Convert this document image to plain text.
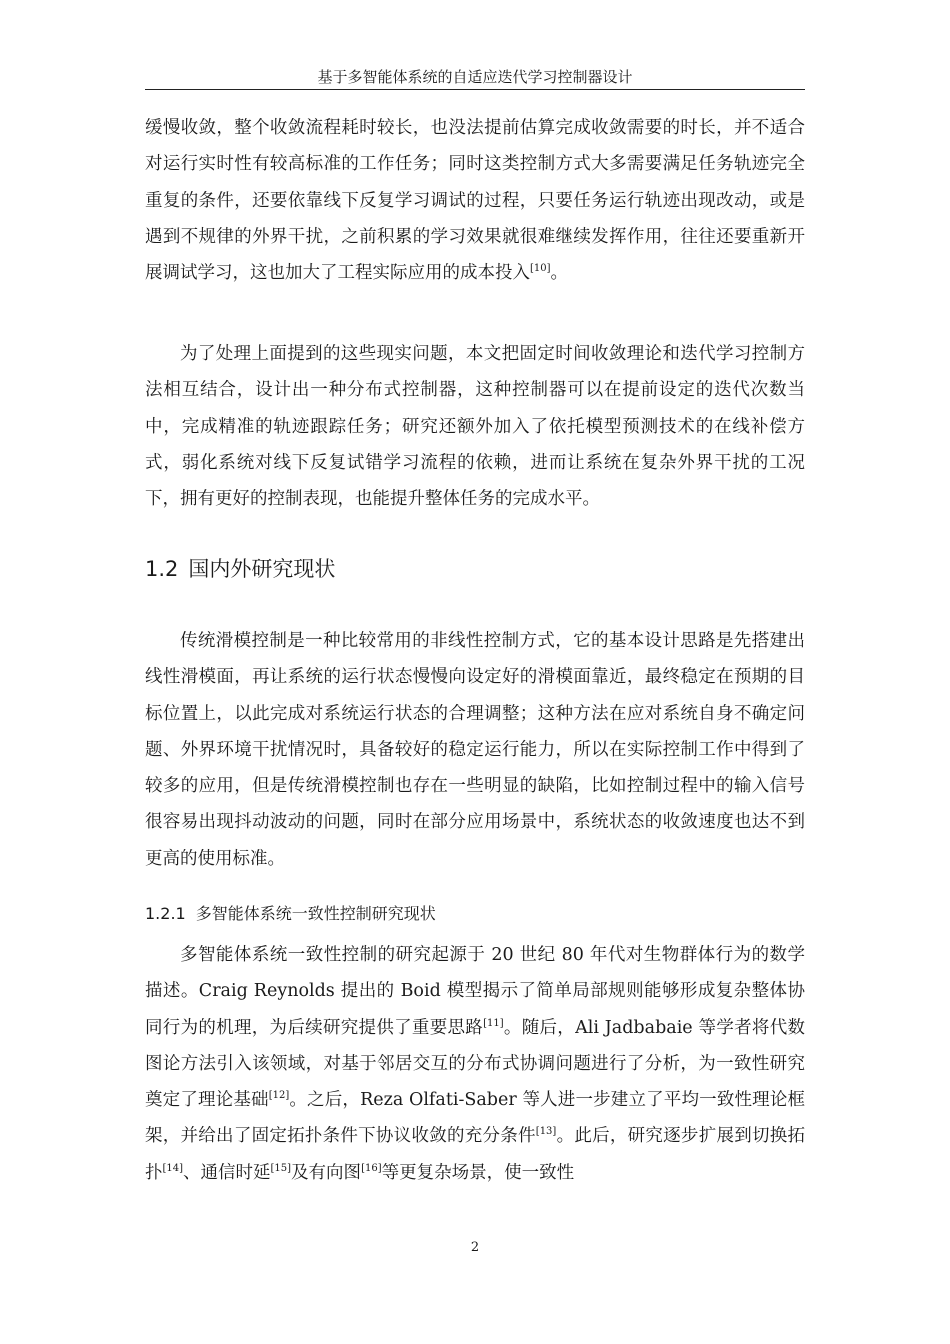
基于多智能体系统的自适应迭代学习控制器设计

缓慢收敛，整个收敛流程耗时较长，也没法提前估算完成收敛需要的时长，并不适合对运行实时性有较高标准的工作任务；同时这类控制方式大多需要满足任务轨迹完全重复的条件，还要依靠线下反复学习调试的过程，只要任务运行轨迹出现改动，或是遇到不规律的外界干扰，之前积累的学习效果就很难继续发挥作用，往往还要重新开展调试学习，这也加大了工程实际应用的成本投入[10]。

为了处理上面提到的这些现实问题，本文把固定时间收敛理论和迭代学习控制方法相互结合，设计出一种分布式控制器，这种控制器可以在提前设定的迭代次数当中，完成精准的轨迹跟踪任务；研究还额外加入了依托模型预测技术的在线补偿方式，弱化系统对线下反复试错学习流程的依赖，进而让系统在复杂外界干扰的工况下，拥有更好的控制表现，也能提升整体任务的完成水平。

1.2 国内外研究现状

传统滑模控制是一种比较常用的非线性控制方式，它的基本设计思路是先搭建出线性滑模面，再让系统的运行状态慢慢向设定好的滑模面靠近，最终稳定在预期的目标位置上，以此完成对系统运行状态的合理调整；这种方法在应对系统自身不确定问题、外界环境干扰情况时，具备较好的稳定运行能力，所以在实际控制工作中得到了较多的应用，但是传统滑模控制也存在一些明显的缺陷，比如控制过程中的输入信号很容易出现抖动波动的问题，同时在部分应用场景中，系统状态的收敛速度也达不到更高的使用标准。

1.2.1 多智能体系统一致性控制研究现状

多智能体系统一致性控制的研究起源于 20 世纪 80 年代对生物群体行为的数学描述。Craig Reynolds 提出的 Boid 模型揭示了简单局部规则能够形成复杂整体协同行为的机理，为后续研究提供了重要思路[11]。随后，Ali Jadbabaie 等学者将代数图论方法引入该领域，对基于邻居交互的分布式协调问题进行了分析，为一致性研究奠定了理论基础[12]。之后，Reza Olfati-Saber 等人进一步建立了平均一致性理论框架，并给出了固定拓扑条件下协议收敛的充分条件[13]。此后，研究逐步扩展到切换拓扑[14]、通信时延[15]及有向图[16]等更复杂场景，使一致性

2
